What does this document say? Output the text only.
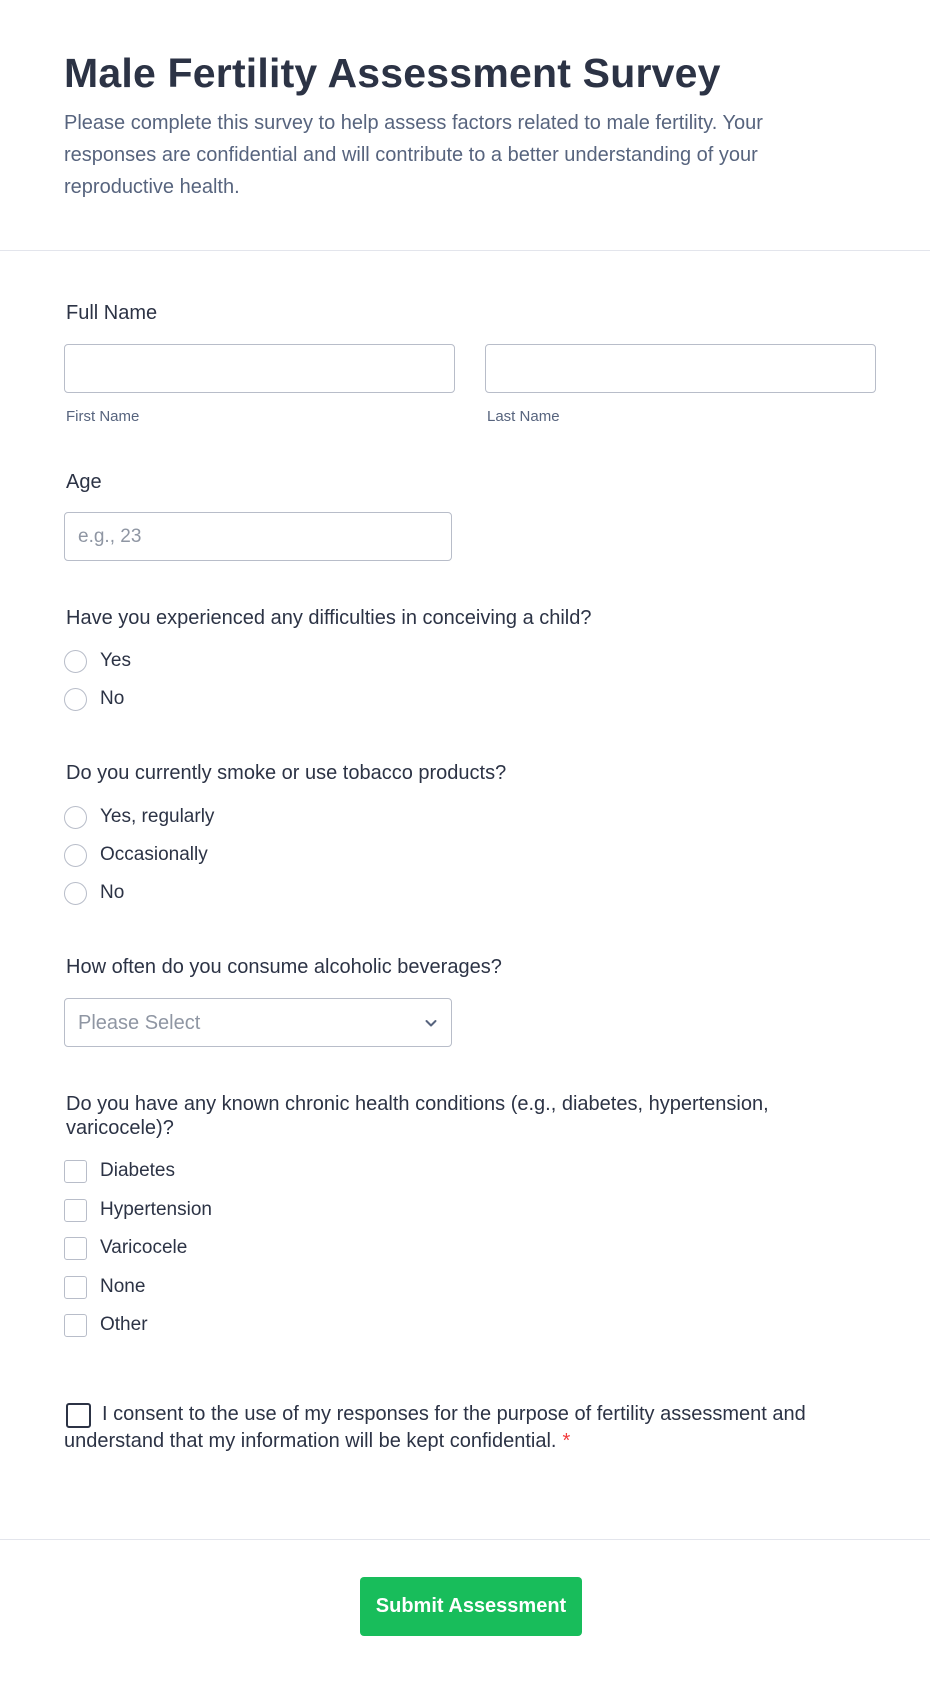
Male Fertility Assessment Survey

Please complete this survey to help assess factors related to male fertility. Your responses are confidential and will contribute to a better understanding of your reproductive health.

Full Name
First Name	Last Name
Age
e.g., 23
Have you experienced any difficulties in conceiving a child?
Yes
No
Do you currently smoke or use tobacco products?
Yes, regularly
Occasionally
No
How often do you consume alcoholic beverages?
Please Select
Do you have any known chronic health conditions (e.g., diabetes, hypertension, varicocele)?
Diabetes
Hypertension
Varicocele
None
Other

I consent to the use of my responses for the purpose of fertility assessment and understand that my information will be kept confidential. *

Submit Assessment
